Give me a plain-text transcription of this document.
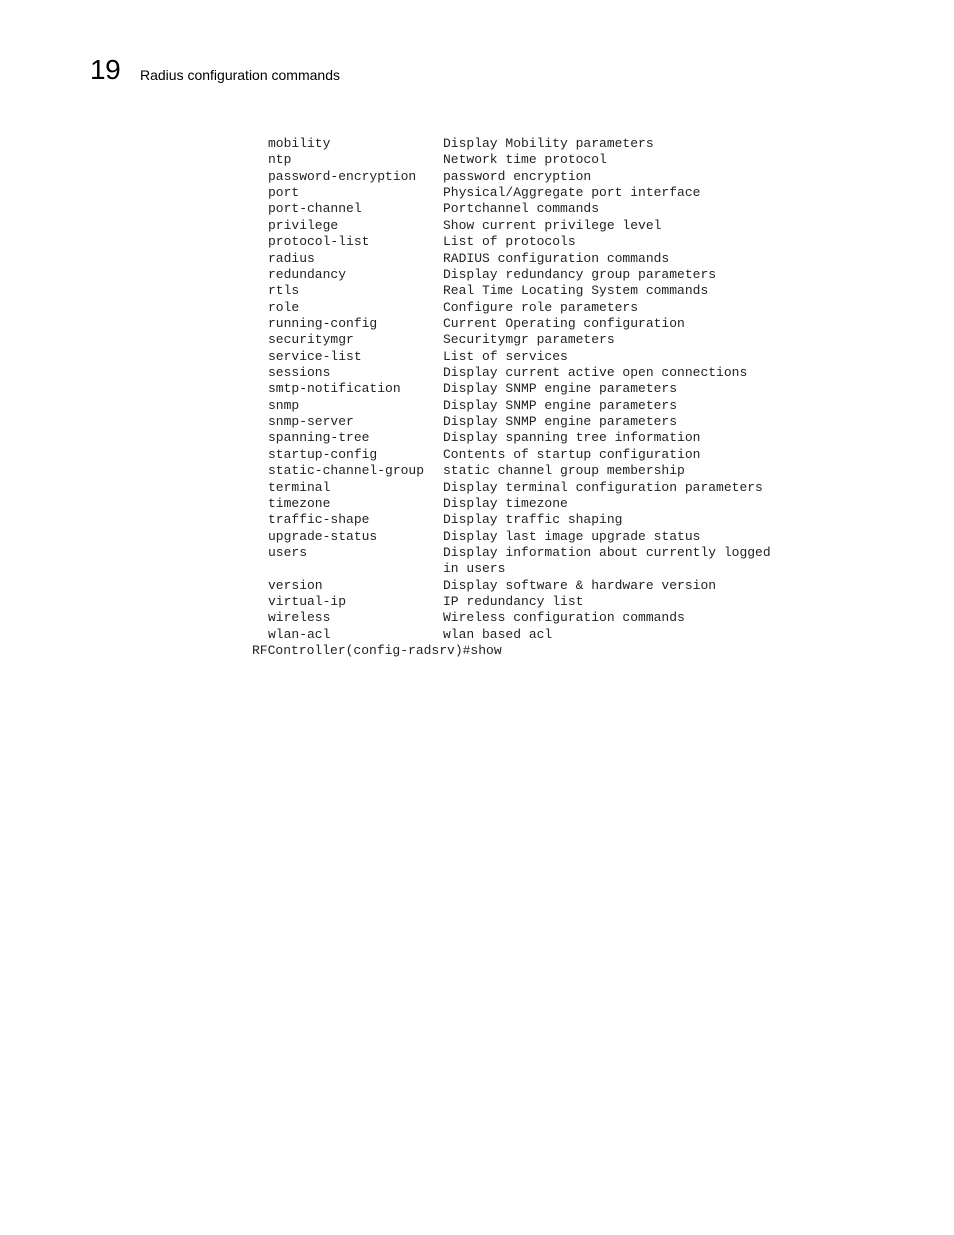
19 Radius configuration commands
mobility	Display Mobility parameters
ntp	Network time protocol
password-encryption password encryption
port	Physical/Aggregate port interface
port-channel	Portchannel commands
privilege	Show current privilege level
protocol-list	List of protocols
radius	RADIUS configuration commands
redundancy	Display redundancy group parameters
rtls	Real Time Locating System commands
role	Configure role parameters
running-config	Current Operating configuration
securitymgr	Securitymgr parameters
service-list	List of services
sessions	Display current active open connections
smtp-notification	Display SNMP engine parameters
snmp	Display SNMP engine parameters
snmp-server	Display SNMP engine parameters
spanning-tree	Display spanning tree information
startup-config	Contents of startup configuration
static-channel-group static channel group membership
terminal	Display terminal configuration parameters
timezone	Display timezone
traffic-shape	Display traffic shaping
upgrade-status	Display last image upgrade status
users	Display information about currently logged
in users
version	Display software & hardware version
virtual-ip	IP redundancy list
wireless	Wireless configuration commands
wlan-acl	wlan based acl
RFController(config-radsrv)#show
